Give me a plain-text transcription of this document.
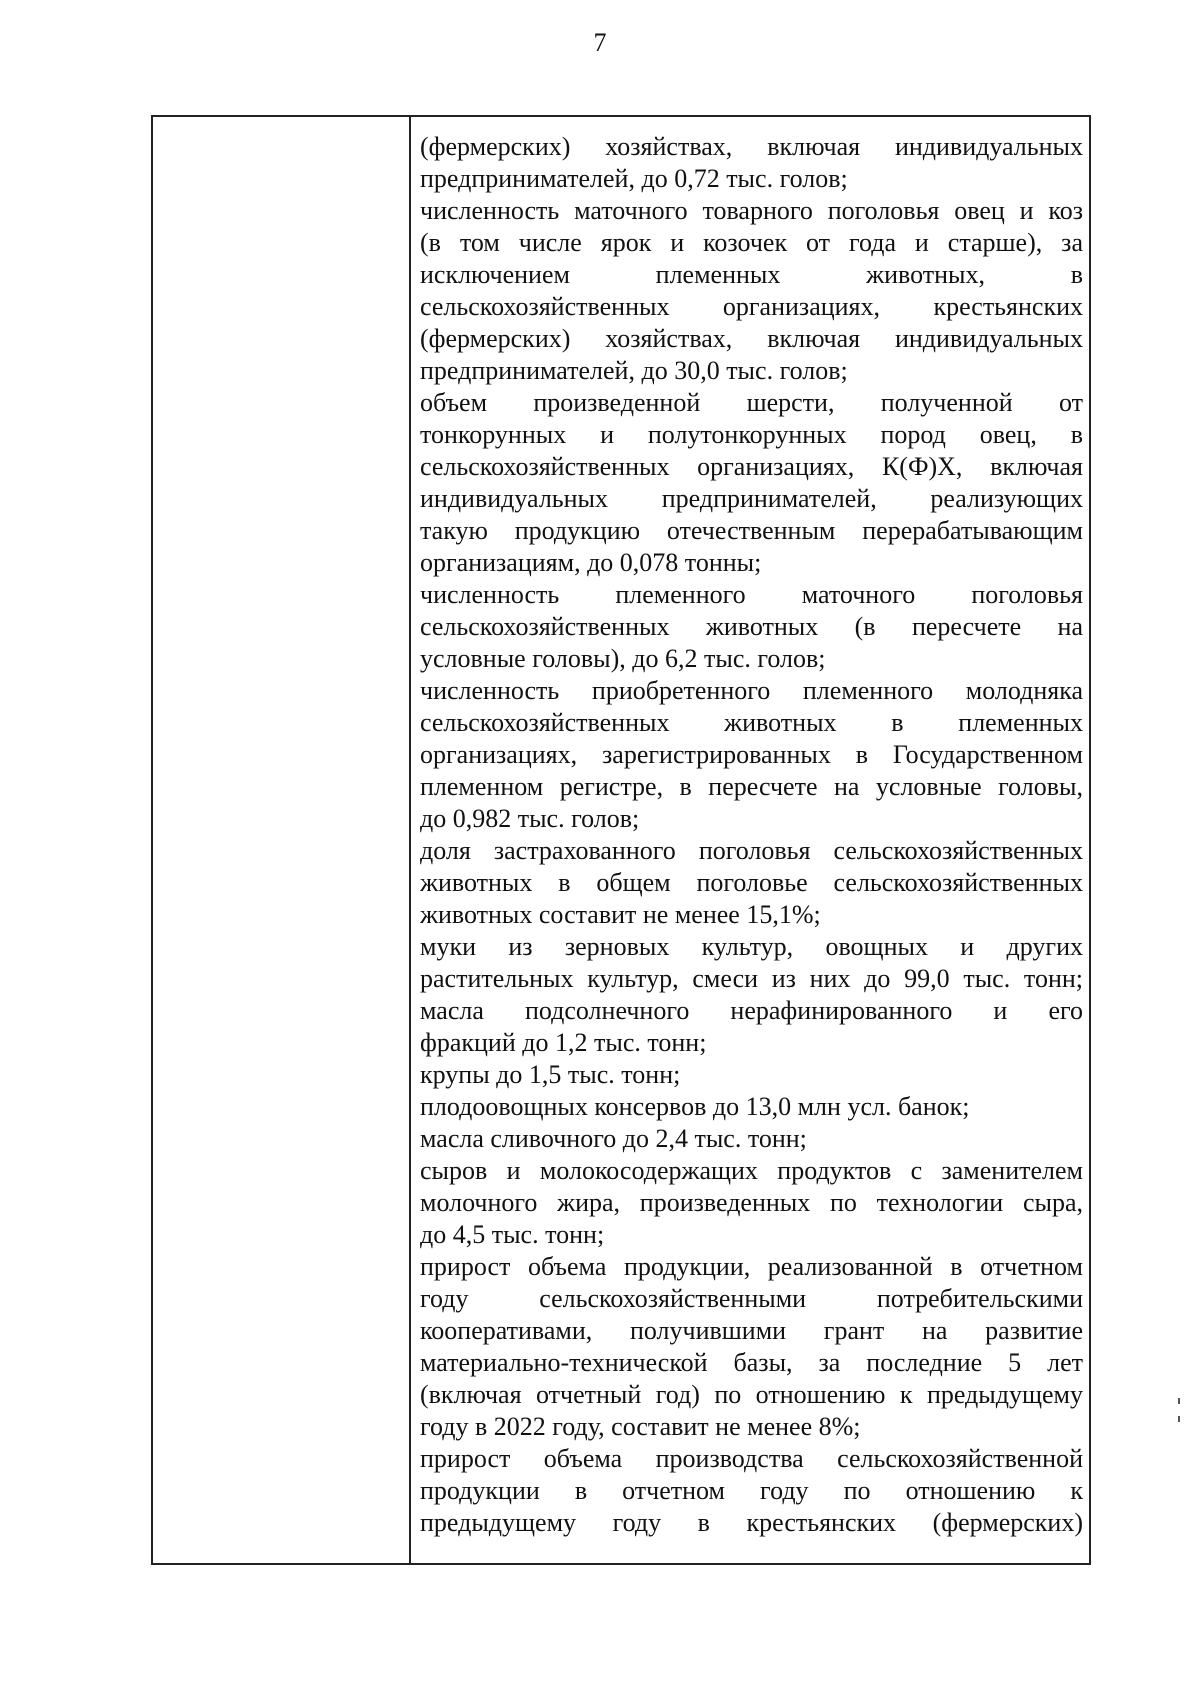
7
(фермерских) хозяйствах, включая индивидуальных
предпринимателей, до 0,72 тыс. голов;
численность маточного товарного поголовья овец и коз
(в том числе ярок и козочек от года и старше), за
исключением племенных животных, в
сельскохозяйственных организациях, крестьянских
(фермерских) хозяйствах, включая индивидуальных
предпринимателей, до 30,0 тыс. голов;
объем произведенной шерсти, полученной от
тонкорунных и полутонкорунных пород овец, в
сельскохозяйственных организациях, К(Ф)Х, включая
индивидуальных предпринимателей, реализующих
такую продукцию отечественным перерабатывающим
организациям, до 0,078 тонны;
численность племенного маточного поголовья
сельскохозяйственных животных (в пересчете на
условные головы), до 6,2 тыс. голов;
численность приобретенного племенного молодняка
сельскохозяйственных животных в племенных
организациях, зарегистрированных в Государственном
племенном регистре, в пересчете на условные головы,
до 0,982 тыс. голов;
доля застрахованного поголовья сельскохозяйственных
животных в общем поголовье сельскохозяйственных
животных составит не менее 15,1%;
муки из зерновых культур, овощных и других
растительных культур, смеси из них до 99,0 тыс. тонн;
масла подсолнечного нерафинированного и его
фракций до 1,2 тыс. тонн;
крупы до 1,5 тыс. тонн;
плодоовощных консервов до 13,0 млн усл. банок;
масла сливочного до 2,4 тыс. тонн;
сыров и молокосодержащих продуктов с заменителем
молочного жира, произведенных по технологии сыра,
до 4,5 тыс. тонн;
прирост объема продукции, реализованной в отчетном
году сельскохозяйственными потребительскими
кооперативами, получившими грант на развитие
материально-технической базы, за последние 5 лет
(включая отчетный год) по отношению к предыдущему
году в 2022 году, составит не менее 8%;
прирост объема производства сельскохозяйственной
продукции в отчетном году по отношению к
предыдущему году в крестьянских (фермерских)
